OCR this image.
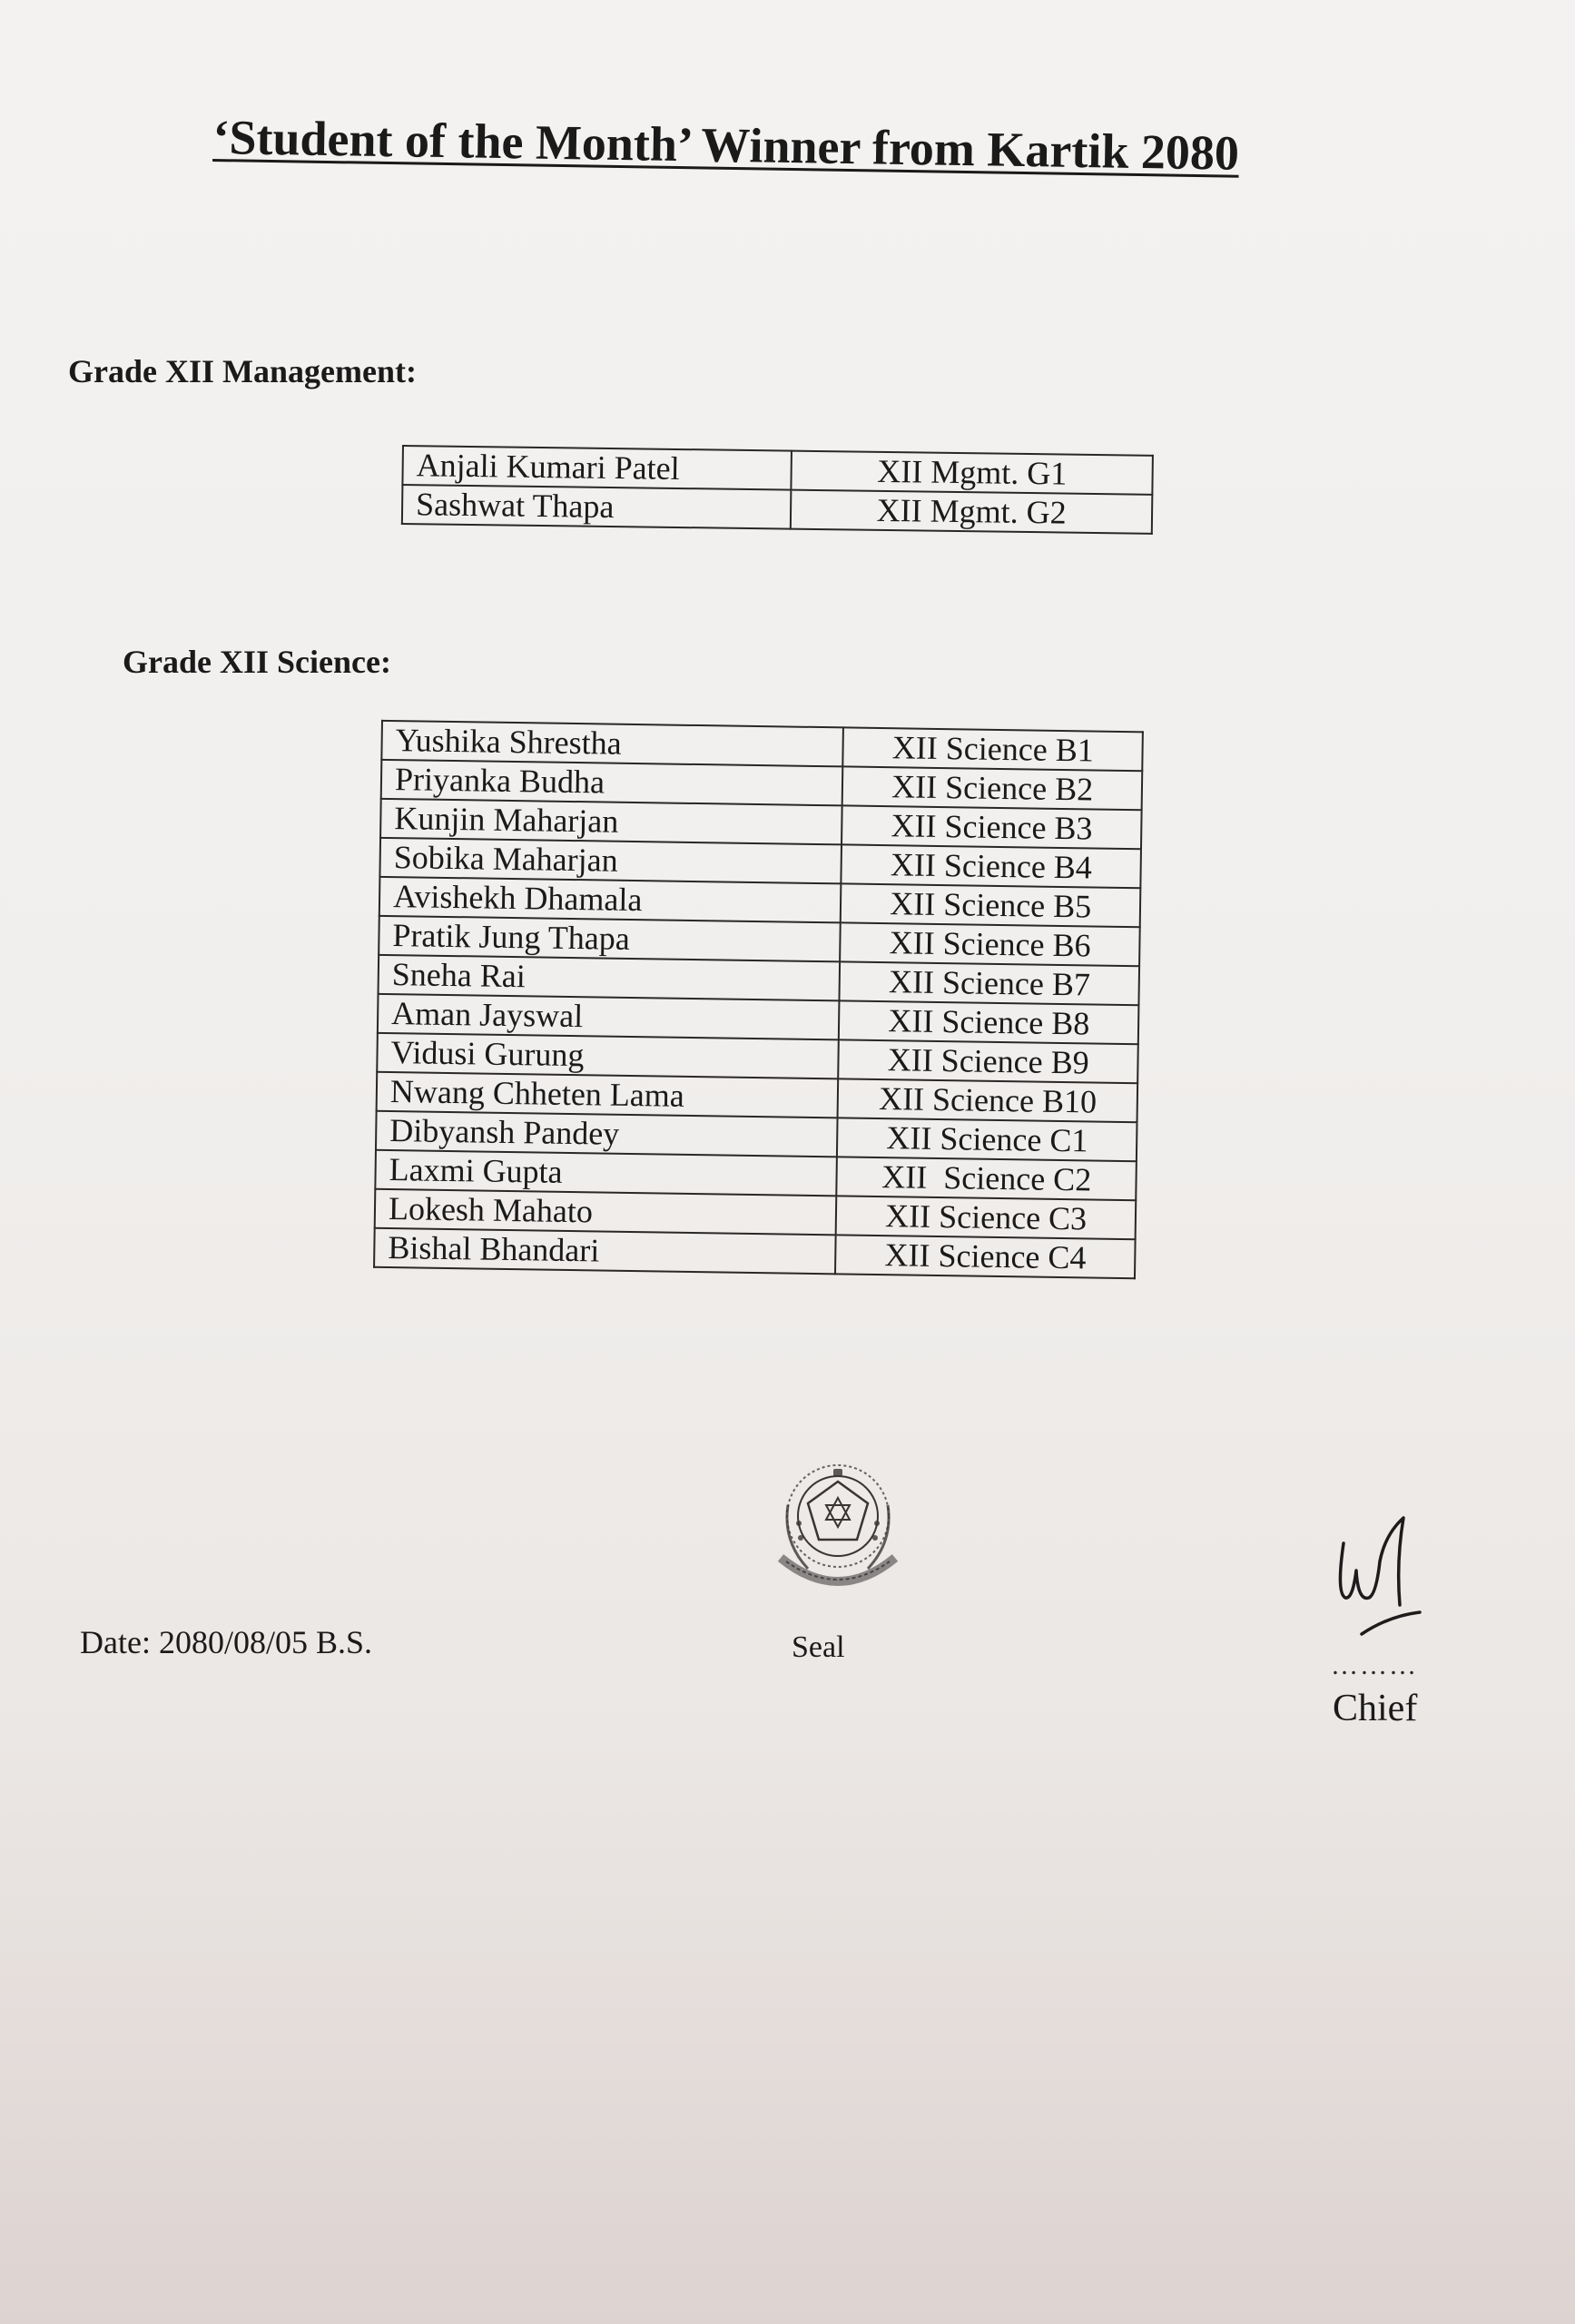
‘Student of the Month’ Winner from Kartik 2080
Grade XII Management:
Anjali Kumari Patel	XII Mgmt. G1
Sashwat Thapa	XII Mgmt. G2
Grade XII Science:
Yushika Shrestha	XII Science B1
Priyanka Budha	XII Science B2
Kunjin Maharjan	XII Science B3
Sobika Maharjan	XII Science B4
Avishekh Dhamala	XII Science B5
Pratik Jung Thapa	XII Science B6
Sneha Rai	XII Science B7
Aman Jayswal	XII Science B8
Vidusi Gurung	XII Science B9
Nwang Chheten Lama	XII Science B10
Dibyansh Pandey	XII Science C1
Laxmi Gupta	XII  Science C2
Lokesh Mahato	XII Science C3
Bishal Bhandari	XII Science C4
Date: 2080/08/05 B.S.	Seal
………
Chief
